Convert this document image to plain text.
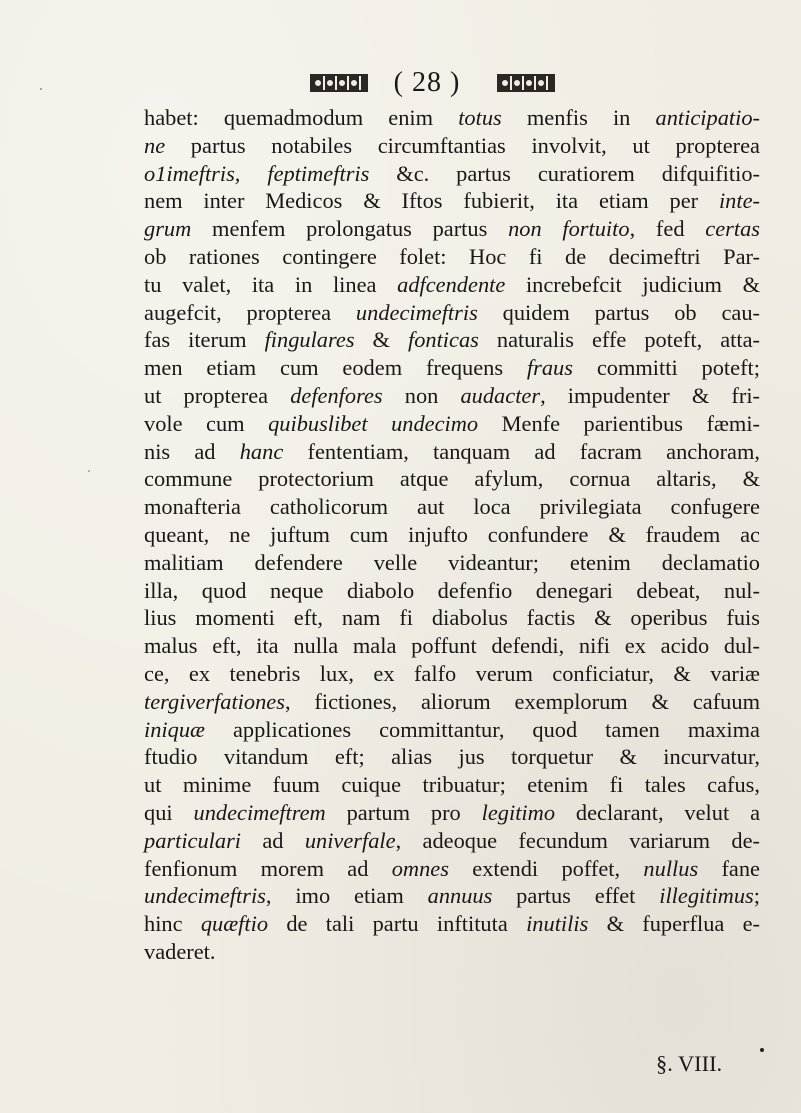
( 28 )
habet: quemadmodum enim totus menfis in anticipatio-
ne partus notabiles circumftantias involvit, ut propterea
o1imeftris, feptimeftris &c. partus curatiorem difquifitio-
nem inter Medicos & Iftos fubierit, ita etiam per inte-
grum menfem prolongatus partus non fortuito, fed certas
ob rationes contingere folet: Hoc fi de decimeftri Par-
tu valet, ita in linea adfcendente increbefcit judicium &
augefcit, propterea undecimeftris quidem partus ob cau-
fas iterum fingulares & fonticas naturalis effe poteft, atta-
men etiam cum eodem frequens fraus committi poteft;
ut propterea defenfores non audacter, impudenter & fri-
vole cum quibuslibet undecimo Menfe parientibus fæmi-
nis ad hanc fententiam, tanquam ad facram anchoram,
commune protectorium atque afylum, cornua altaris, &
monafteria catholicorum aut loca privilegiata confugere
queant, ne juftum cum injufto confundere & fraudem ac
malitiam defendere velle videantur; etenim declamatio
illa, quod neque diabolo defenfio denegari debeat, nul-
lius momenti eft, nam fi diabolus factis & operibus fuis
malus eft, ita nulla mala poffunt defendi, nifi ex acido dul-
ce, ex tenebris lux, ex falfo verum conficiatur, & variæ
tergiverfationes, fictiones, aliorum exemplorum & cafuum
iniquæ applicationes committantur, quod tamen maxima
ftudio vitandum eft; alias jus torquetur & incurvatur,
ut minime fuum cuique tribuatur; etenim fi tales cafus,
qui undecimeftrem partum pro legitimo declarant, velut a
particulari ad univerfale, adeoque fecundum variarum de-
fenfionum morem ad omnes extendi poffet, nullus fane
undecimeftris, imo etiam annuus partus effet illegitimus;
hinc quæftio de tali partu inftituta inutilis & fuperflua e-
vaderet.
§. VIII.
